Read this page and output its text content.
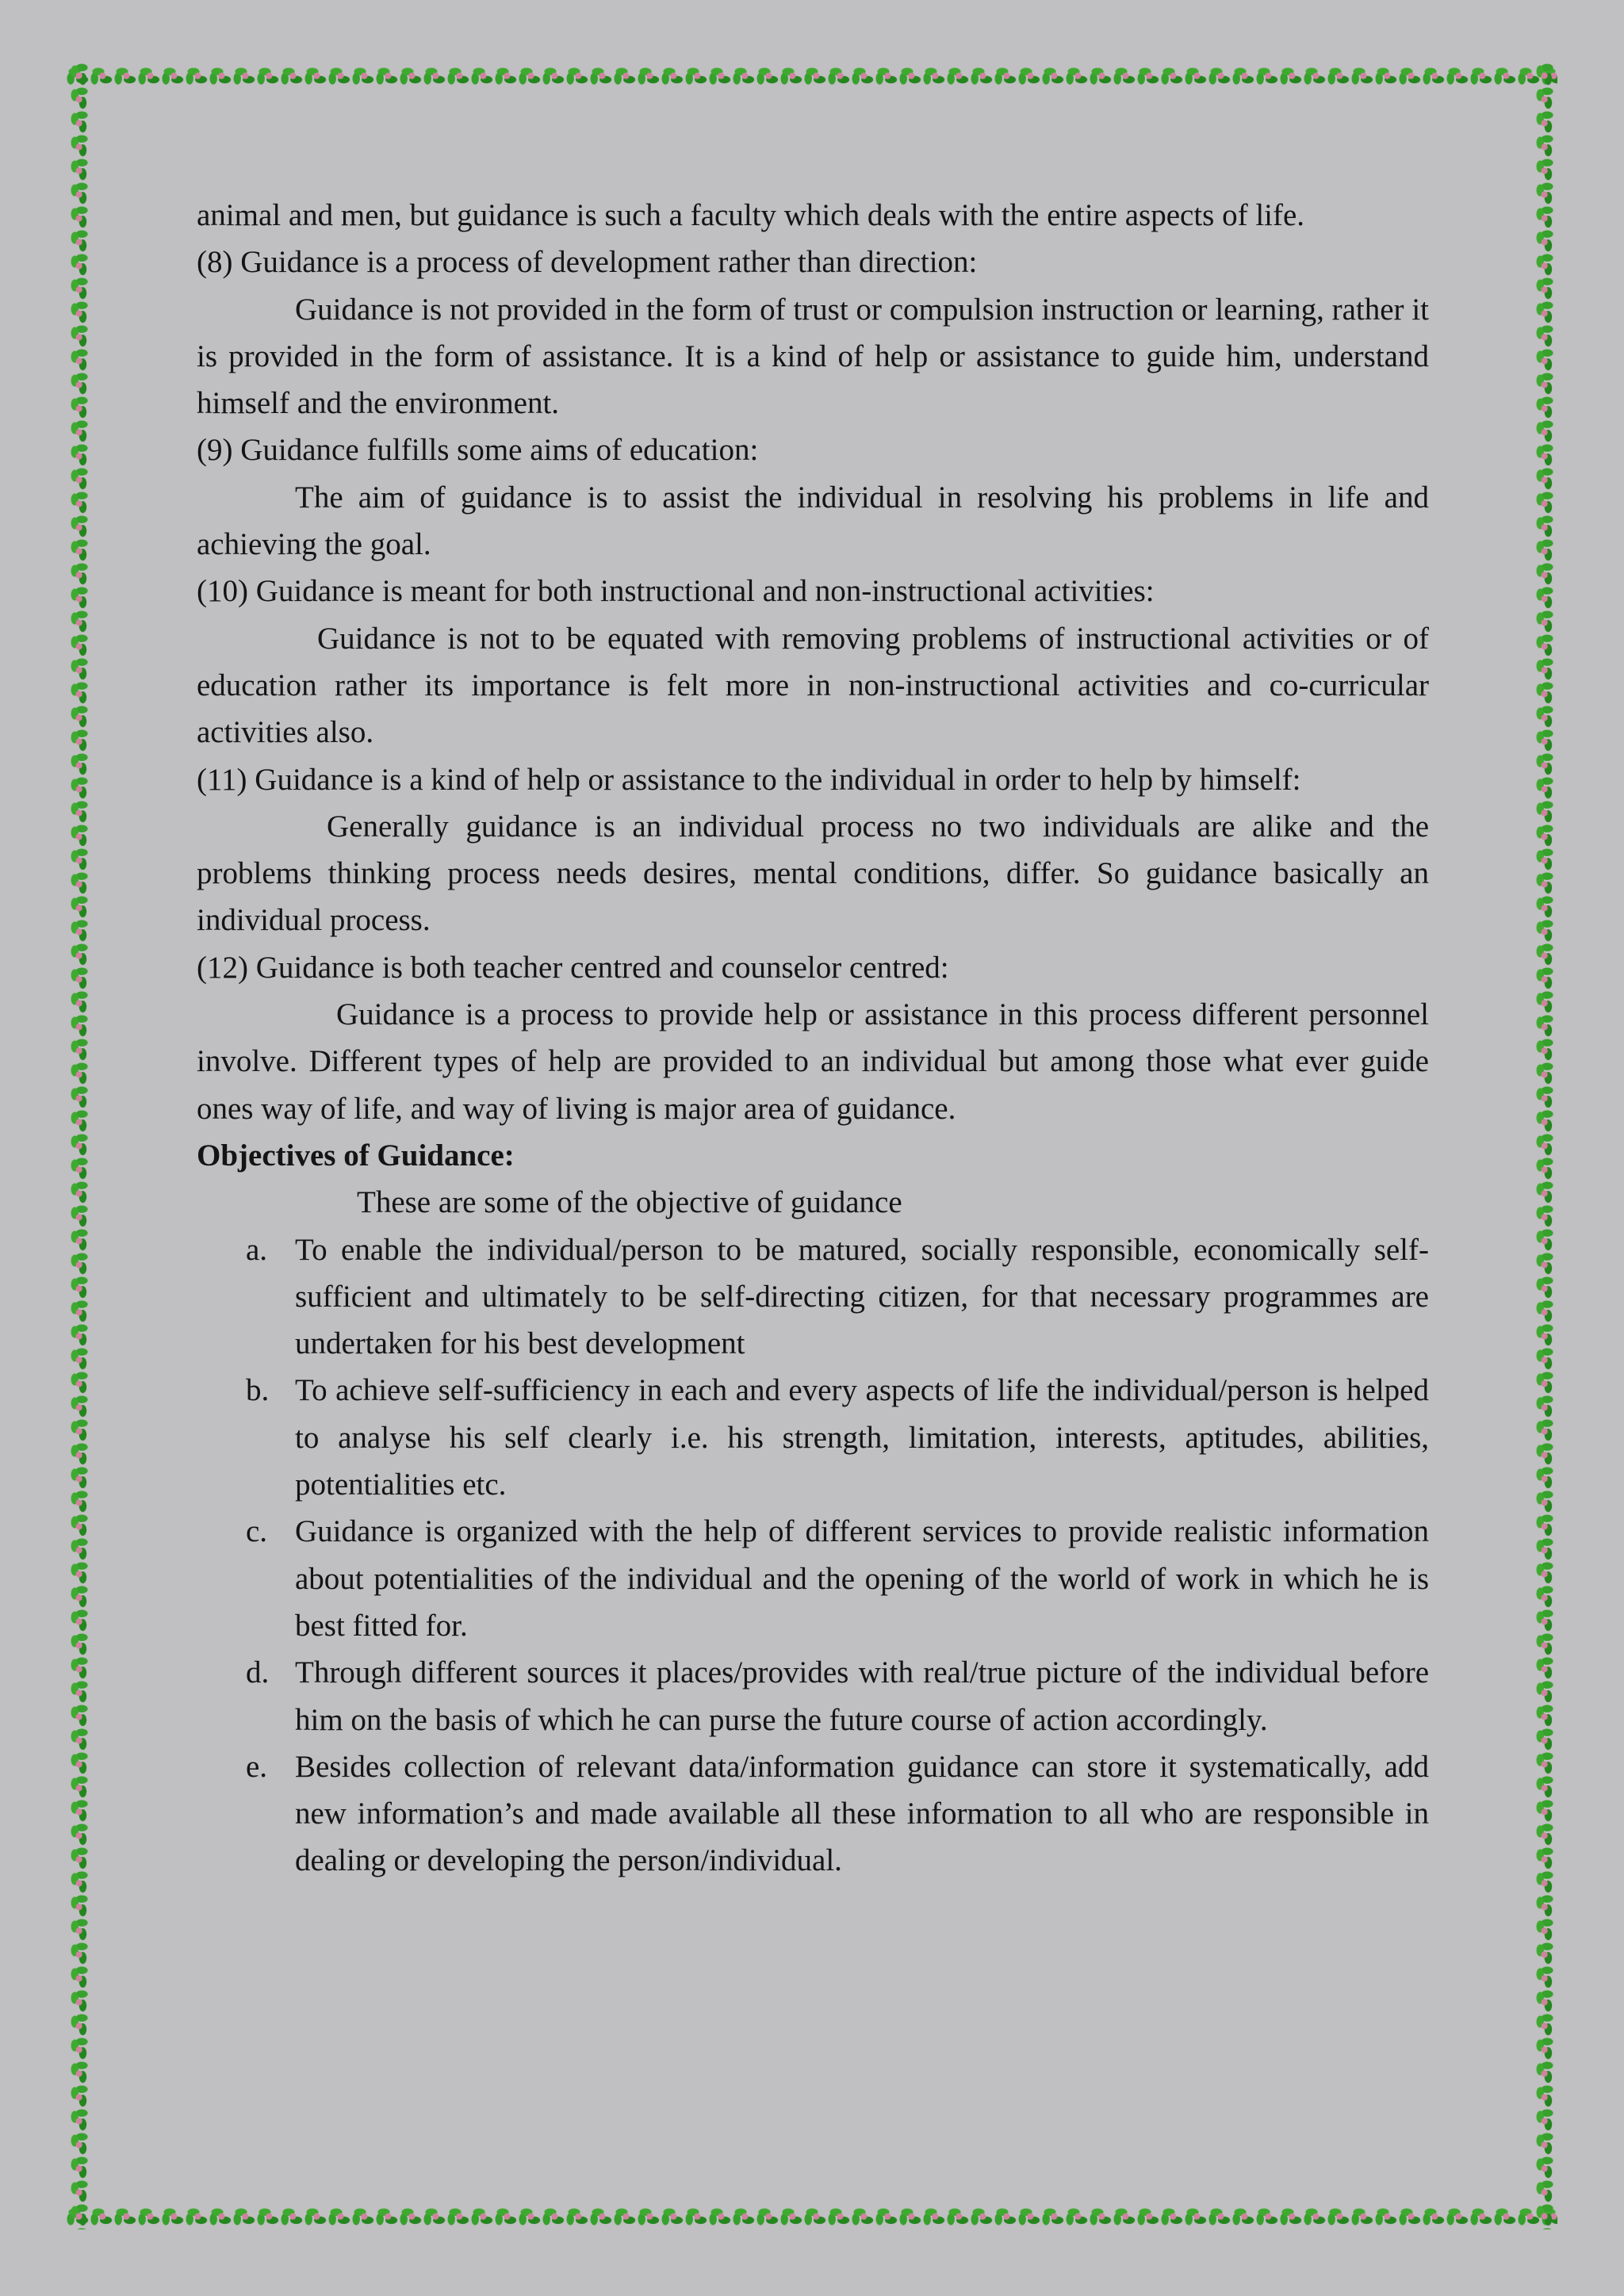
animal and men, but guidance is such a faculty which deals with the entire aspects of life.

(8) Guidance is a process of development rather than direction:

Guidance is not provided in the form of trust or compulsion instruction or learning, rather it is provided in the form of assistance. It is a kind of help or assistance to guide him, understand himself and the environment.

(9) Guidance fulfills some aims of education:

The aim of guidance is to assist the individual in resolving his problems in life and achieving the goal.

(10) Guidance is meant for both instructional and non-instructional activities:

Guidance is not to be equated with removing problems of instructional activities or of education rather its importance is felt more in non-instructional activities and co-curricular activities also.

(11) Guidance is a kind of help or assistance to the individual in order to help by himself:

Generally guidance is an individual process no two individuals are alike and the problems thinking process needs desires, mental conditions, differ. So guidance basically an individual process.

(12) Guidance is both teacher centred and counselor centred:

Guidance is a process to provide help or assistance in this process different personnel involve. Different types of help are provided to an individual but among those what ever guide ones way of life, and way of living is major area of guidance.

Objectives of Guidance:

These are some of the objective of guidance

a. To enable the individual/person to be matured, socially responsible, economically self-sufficient and ultimately to be self-directing citizen, for that necessary programmes are undertaken for his best development
b. To achieve self-sufficiency in each and every aspects of life the individual/person is helped to analyse his self clearly i.e. his strength, limitation, interests, aptitudes, abilities, potentialities etc.
c. Guidance is organized with the help of different services to provide realistic information about potentialities of the individual and the opening of the world of work in which he is best fitted for.
d. Through different sources it places/provides with real/true picture of the individual before him on the basis of which he can purse the future course of action accordingly.
e. Besides collection of relevant data/information guidance can store it systematically, add new information’s and made available all these information to all who are responsible in dealing or developing the person/individual.
